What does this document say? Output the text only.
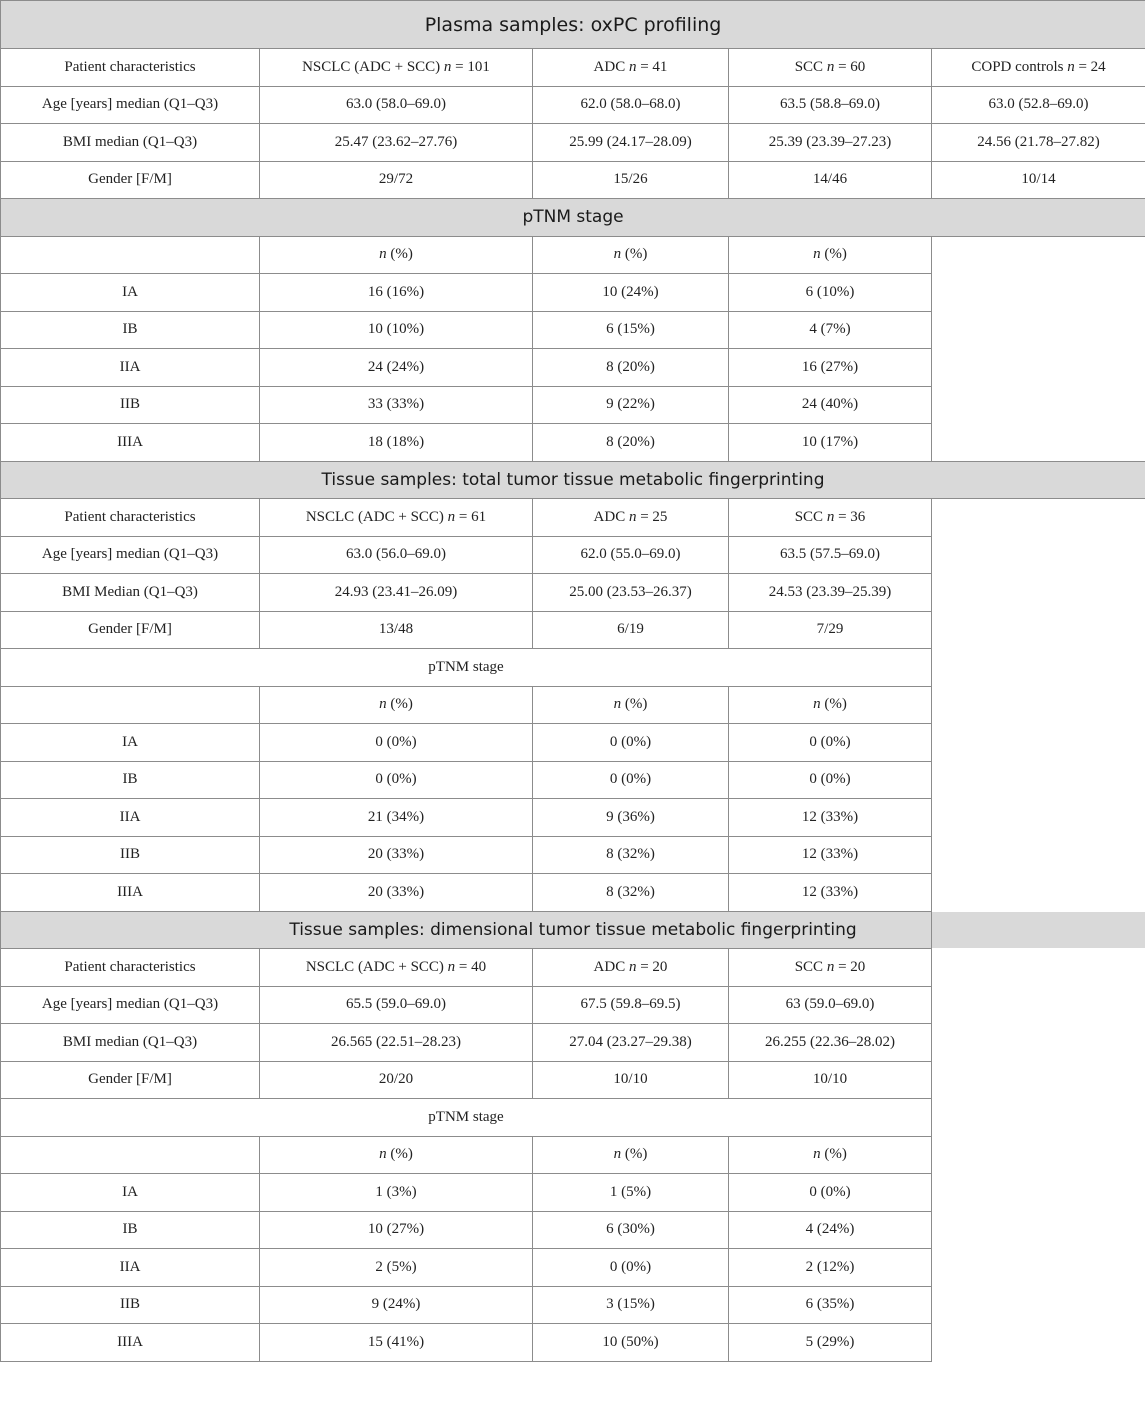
Plasma samples: oxPC profiling					
Patient characteristics	NSCLC (ADC + SCC) n = 101	ADC n = 41	SCC n = 60	COPD controls n = 24	
Age [years] median (Q1–Q3)	63.0 (58.0–69.0)	62.0 (58.0–68.0)	63.5 (58.8–69.0)	63.0 (52.8–69.0)	
BMI median (Q1–Q3)	25.47 (23.62–27.76)	25.99 (24.17–28.09)	25.39 (23.39–27.23)	24.56 (21.78–27.82)	
Gender [F/M]	29/72	15/26	14/46	10/14	
pTNM stage					
	n (%)	n (%)	n (%)		
IA	16 (16%)	10 (24%)	6 (10%)		
IB	10 (10%)	6 (15%)	4 (7%)		
IIA	24 (24%)	8 (20%)	16 (27%)		
IIB	33 (33%)	9 (22%)	24 (40%)		
IIIA	18 (18%)	8 (20%)	10 (17%)		
Tissue samples: total tumor tissue metabolic fingerprinting					
Patient characteristics	NSCLC (ADC + SCC) n = 61	ADC n = 25	SCC n = 36		
Age [years] median (Q1–Q3)	63.0 (56.0–69.0)	62.0 (55.0–69.0)	63.5 (57.5–69.0)		
BMI Median (Q1–Q3)	24.93 (23.41–26.09)	25.00 (23.53–26.37)	24.53 (23.39–25.39)		
Gender [F/M]	13/48	6/19	7/29		
pTNM stage					
	n (%)	n (%)	n (%)		
IA	0 (0%)	0 (0%)	0 (0%)		
IB	0 (0%)	0 (0%)	0 (0%)		
IIA	21 (34%)	9 (36%)	12 (33%)		
IIB	20 (33%)	8 (32%)	12 (33%)		
IIIA	20 (33%)	8 (32%)	12 (33%)		
Tissue samples: dimensional tumor tissue metabolic fingerprinting					
Patient characteristics	NSCLC (ADC + SCC) n = 40	ADC n = 20	SCC n = 20		
Age [years] median (Q1–Q3)	65.5 (59.0–69.0)	67.5 (59.8–69.5)	63 (59.0–69.0)		
BMI median (Q1–Q3)	26.565 (22.51–28.23)	27.04 (23.27–29.38)	26.255 (22.36–28.02)		
Gender [F/M]	20/20	10/10	10/10		
pTNM stage					
	n (%)	n (%)	n (%)		
IA	1 (3%)	1 (5%)	0 (0%)		
IB	10 (27%)	6 (30%)	4 (24%)		
IIA	2 (5%)	0 (0%)	2 (12%)		
IIB	9 (24%)	3 (15%)	6 (35%)		
IIIA	15 (41%)	10 (50%)	5 (29%)		
